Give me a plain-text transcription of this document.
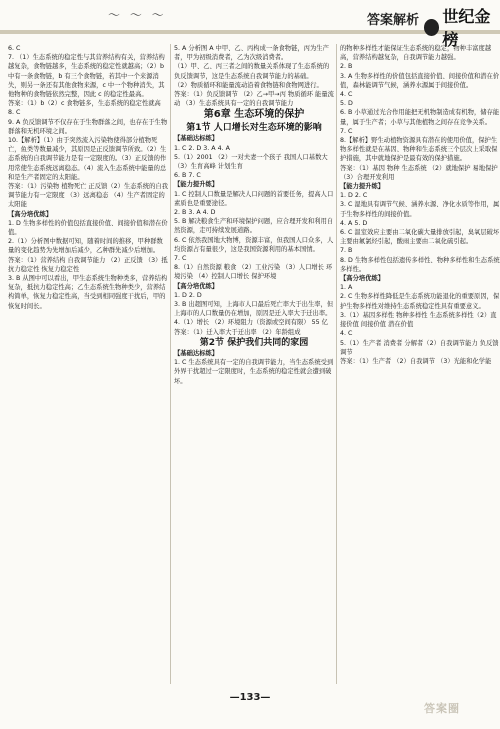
〜 〜 〜	答案解析 世纪金榜

6. C

7. （1）生态系统的稳定性与其营养结构有关，营养结构越复杂，食物链越多，生态系统的稳定性就越高；（2）b 中有一条食物链，b 有三个食物链，若其中一个来源消失，则另一条还有其他食物来源，c 中一个物种消失，其他物种的食物链依然完整，因此 c 的稳定性最高。

答案：（1）b（2）c 食物链多，生态系统的稳定性就高

8. C

9. A 负反馈调节不仅存在于生物群落之间，也存在于生物群落和无机环境之间。

10.【解析】（1）由于突然流入污染物使得部分植物死亡，鱼类等数量减少，其原因是正反馈调节所致。（2）生态系统的自我调节能力是有一定限度的。（3）正反馈的作用常使生态系统远离稳态。（4）流入生态系统中能量的总和是生产者固定的太阳能。

答案：（1）污染物 植物死亡 正反馈（2）生态系统的自我调节能力有一定限度 （3）远离稳态 （4）生产者固定的太阳能

【高分培优练】

1. D 生物多样性的价值包括直接价值、间接价值和潜在价值。

2.（1）分析图中数据可知，随着时间的推移，甲种群数量的变化趋势为先增加后减少，乙种群先减少后增加。

答案：（1）营养结构 自我调节能力 （2）正反馈 （3）抵抗力稳定性 恢复力稳定性

3. B 从图中可以看出，甲生态系统生物种类多，营养结构复杂，抵抗力稳定性高；乙生态系统生物种类少，营养结构简单，恢复力稳定性高，当受到相同强度干扰后，甲的恢复时间长。

5. A 分析图 A 中甲、乙、丙构成一条食物链，丙为生产者，甲为初级消费者，乙为次级消费者。

（1）甲、乙、丙三者之间的数量关系体现了生态系统的负反馈调节，这是生态系统自我调节能力的基础。

（2）物质循环和能量流动沿着食物链和食物网进行。

答案：（1）负反馈调节 （2）乙→甲→丙 物质循环 能量流动 （3）生态系统具有一定的自我调节能力

第6章 生态环境的保护

第1节 人口增长对生态环境的影响

【基础达标练】

1. C 2. D 3. A 4. A

5.（1）2001 （2）一对夫妻一个孩子 我国人口基数大 （3）生育高峰 计划生育

6. B 7. C

【能力提升练】

1. C 控制人口数量是解决人口问题的首要任务，提高人口素质也是重要途径。

2. B 3. A 4. D

5. B 解决粮食生产和环境保护问题，应合理开发和利用自然资源，走可持续发展道路。

6. C 依然我国地大物博，资源丰富，但我国人口众多，人均资源占有量很少，这是我国资源利用的基本国情。

7. C

8.（1）自然资源 粮食 （2）工业污染 （3）人口增长 环境污染 （4）控制人口增长 保护环境

【高分培优练】

1. D 2. D

3. B 出超图可知，上海市人口最后死亡率大于出生率，但上海市的人口数量仍在增加，原因是迁入率大于迁出率。

4.（1）增长 （2）环境阻力（资源或空间有限） 55 亿

答案：（1）迁入率大于迁出率 （2）年龄组成

第2节 保护我们共同的家园

【基础达标练】

1. C 生态系统具有一定的自我调节能力，当生态系统受到外界干扰超过一定限度时，生态系统的稳定性就会遭到破坏。

的物种多样性才能保证生态系统的稳定，物种丰富度越高，营养结构越复杂，自我调节能力越强。

2. B

3. A 生物多样性的价值包括直接价值、间接价值和潜在价值，森林能调节气候，涵养水源属于间接价值。

4. C

5. D

6. B 小草通过光合作用能把无机物制造成有机物，储存能量，属于生产者；小草与其他植物之间存在竞争关系。

7. C

8.【解析】野生动植物资源具有潜在的使用价值，保护生物多样性就是在基因、物种和生态系统三个层次上采取保护措施，其中就地保护是最有效的保护措施。

答案：（1）基因 物种 生态系统 （2）就地保护 易地保护 （3）合理开发利用

【能力提升练】

1. D 2. C

3. C 湿地具有调节气候、涵养水源、净化水质等作用，属于生物多样性的间接价值。

4. A 5. D

6. C 温室效应主要由二氧化碳大量排放引起，臭氧层破坏主要由氟氯烃引起，酸雨主要由二氧化硫引起。

7. B

8. D 生物多样性包括遗传多样性、物种多样性和生态系统多样性。

【高分培优练】

1. A

2. C 生物多样性降低是生态系统功能退化的重要原因，保护生物多样性对维持生态系统稳定性具有重要意义。

3.（1）基因多样性 物种多样性 生态系统多样性（2）直接价值 间接价值 潜在价值

4. C

5.（1）生产者 消费者 分解者（2）自我调节能力 负反馈调节

答案：（1）生产者 （2）自我调节 （3）光能和化学能

—133—
答案圈
